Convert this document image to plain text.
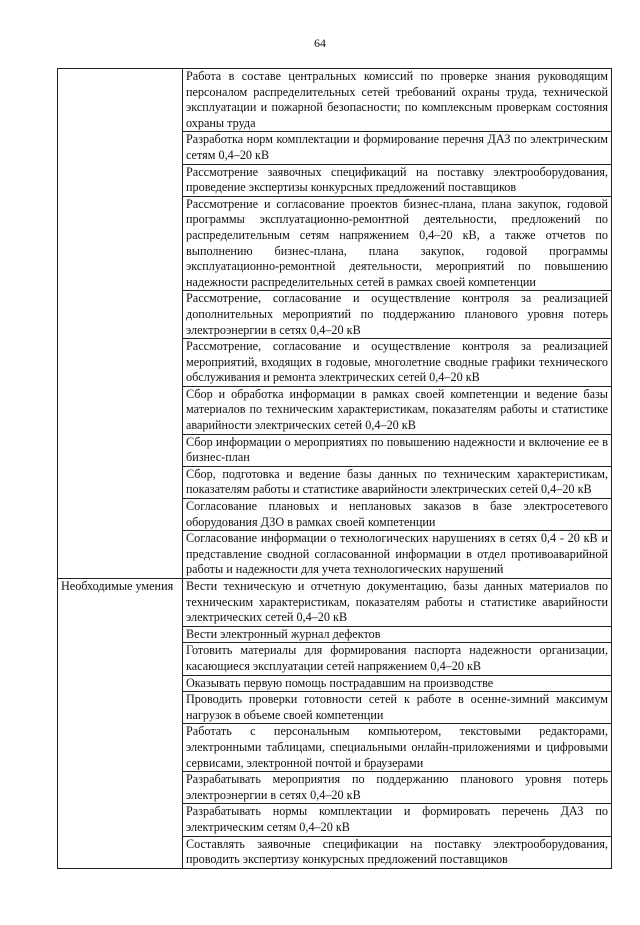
64
	Работа в составе центральных комиссий по проверке знания руководящим персоналом распределительных сетей требований охраны труда, технической эксплуатации и пожарной безопасности; по комплексным проверкам состояния охраны труда
	Разработка норм комплектации и формирование перечня ДАЗ по электрическим сетям 0,4–20 кВ
	Рассмотрение заявочных спецификаций на поставку электрооборудования, проведение экспертизы конкурсных предложений поставщиков
	Рассмотрение и согласование проектов бизнес-плана, плана закупок, годовой программы эксплуатационно-ремонтной деятельности, предложений по распределительным сетям напряжением 0,4–20 кВ, а также отчетов по выполнению бизнес-плана, плана закупок, годовой программы эксплуатационно-ремонтной деятельности, мероприятий по повышению надежности распределительных сетей в рамках своей компетенции
	Рассмотрение, согласование и осуществление контроля за реализацией дополнительных мероприятий по поддержанию планового уровня потерь электроэнергии в сетях 0,4–20 кВ
	Рассмотрение, согласование и осуществление контроля за реализацией мероприятий, входящих в годовые, многолетние сводные графики технического обслуживания и ремонта электрических сетей 0,4–20 кВ
	Сбор и обработка информации в рамках своей компетенции и ведение базы материалов по техническим характеристикам, показателям работы и статистике аварийности электрических сетей 0,4–20 кВ
	Сбор информации о мероприятиях по повышению надежности и включение ее в бизнес-план
	Сбор, подготовка и ведение базы данных по техническим характеристикам, показателям работы и статистике аварийности электрических сетей 0,4–20 кВ
	Согласование плановых и неплановых заказов в базе электросетевого оборудования ДЗО в рамках своей компетенции
	Согласование информации о технологических нарушениях в сетях 0,4 - 20 кВ и представление сводной согласованной информации в отдел противоаварийной работы и надежности для учета технологических нарушений
Необходимые умения	Вести техническую и отчетную документацию, базы данных материалов по техническим характеристикам, показателям работы и статистике аварийности электрических сетей 0,4–20 кВ
	Вести электронный журнал дефектов
	Готовить материалы для формирования паспорта надежности организации, касающиеся эксплуатации сетей напряжением 0,4–20 кВ
	Оказывать первую помощь пострадавшим на производстве
	Проводить проверки готовности сетей к работе в осенне-зимний максимум нагрузок в объеме своей компетенции
	Работать с персональным компьютером, текстовыми редакторами, электронными таблицами, специальными онлайн-приложениями и цифровыми сервисами, электронной почтой и браузерами
	Разрабатывать мероприятия по поддержанию планового уровня потерь электроэнергии в сетях 0,4–20 кВ
	Разрабатывать нормы комплектации и формировать перечень ДАЗ по электрическим сетям 0,4–20 кВ
	Составлять заявочные спецификации на поставку электрооборудования, проводить экспертизу конкурсных предложений поставщиков
